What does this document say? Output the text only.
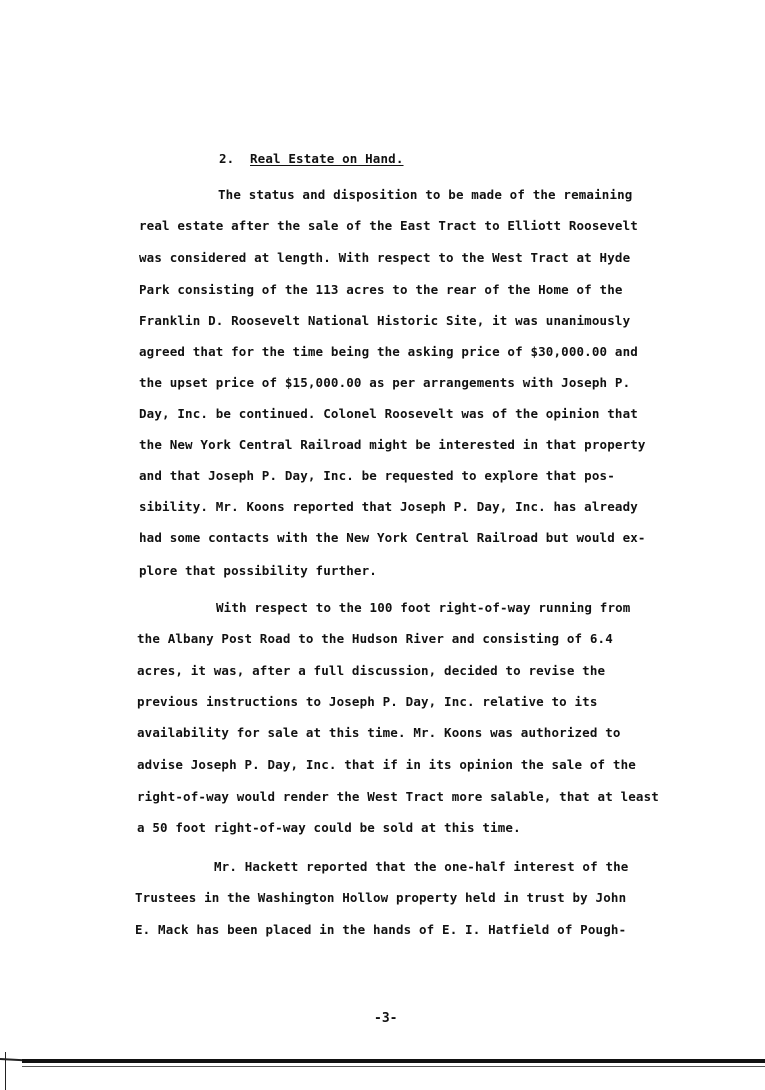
2. Real Estate on Hand.
The status and disposition to be made of the remaining
real estate after the sale of the East Tract to Elliott Roosevelt
was considered at length. With respect to the West Tract at Hyde
Park consisting of the 113 acres to the rear of the Home of the
Franklin D. Roosevelt National Historic Site, it was unanimously
agreed that for the time being the asking price of $30,000.00 and
the upset price of $15,000.00 as per arrangements with Joseph P.
Day, Inc. be continued. Colonel Roosevelt was of the opinion that
the New York Central Railroad might be interested in that property
and that Joseph P. Day, Inc. be requested to explore that pos-
sibility. Mr. Koons reported that Joseph P. Day, Inc. has already
had some contacts with the New York Central Railroad but would ex-
plore that possibility further.
With respect to the 100 foot right-of-way running from
the Albany Post Road to the Hudson River and consisting of 6.4
acres, it was, after a full discussion, decided to revise the
previous instructions to Joseph P. Day, Inc. relative to its
availability for sale at this time. Mr. Koons was authorized to
advise Joseph P. Day, Inc. that if in its opinion the sale of the
right-of-way would render the West Tract more salable, that at least
a 50 foot right-of-way could be sold at this time.
Mr. Hackett reported that the one-half interest of the
Trustees in the Washington Hollow property held in trust by John
E. Mack has been placed in the hands of E. I. Hatfield of Pough-
-3-
